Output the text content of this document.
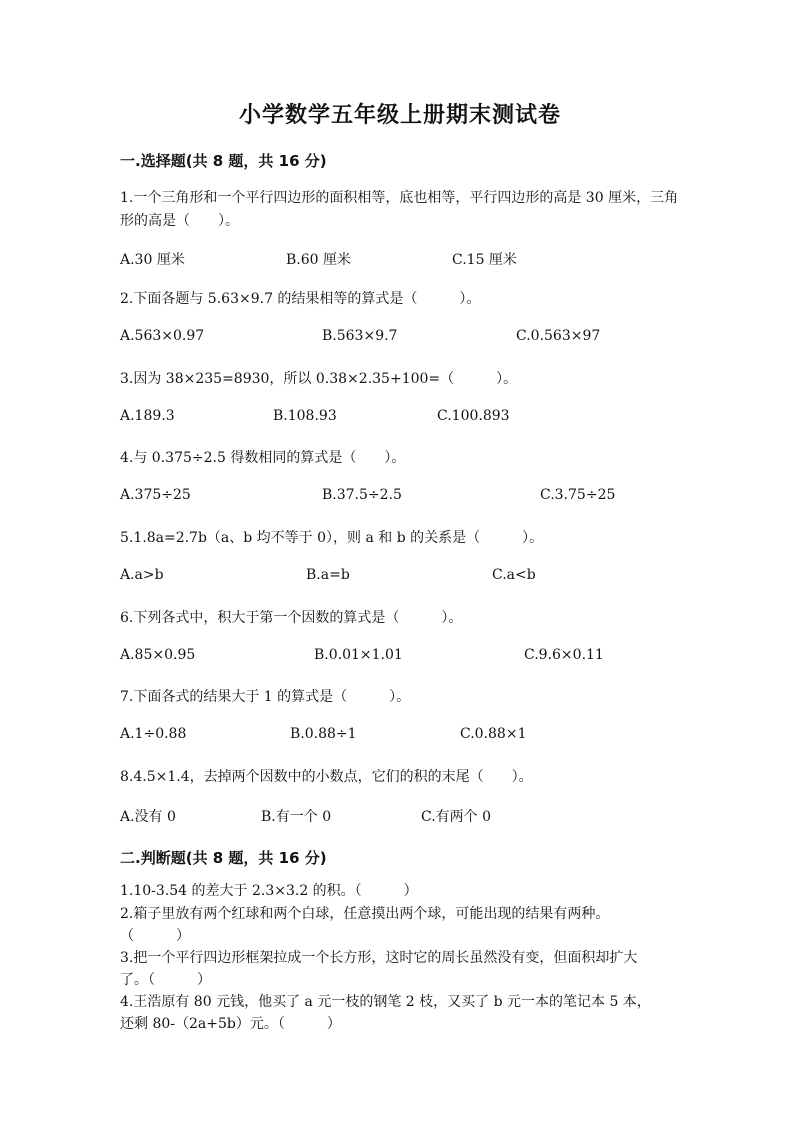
小学数学五年级上册期末测试卷
一.选择题(共 8 题，共 16 分)
1.一个三角形和一个平行四边形的面积相等，底也相等，平行四边形的高是 30 厘米，三角形的高是（　　）。
A.30 厘米	B.60 厘米	C.15 厘米
2.下面各题与 5.63×9.7 的结果相等的算式是（　　　）。
A.563×0.97	B.563×9.7	C.0.563×97
3.因为 38×235=8930，所以 0.38×2.35+100=（　　　）。
A.189.3	B.108.93	C.100.893
4.与 0.375÷2.5 得数相同的算式是（　　）。
A.375÷25	B.37.5÷2.5	C.3.75÷25
5.1.8a=2.7b（a、b 均不等于 0），则 a 和 b 的关系是（　　　）。
A.a>b	B.a=b	C.a<b
6.下列各式中，积大于第一个因数的算式是（　　　）。
A.85×0.95	B.0.01×1.01	C.9.6×0.11
7.下面各式的结果大于 1 的算式是（　　　）。
A.1÷0.88	B.0.88÷1	C.0.88×1
8.4.5×1.4，去掉两个因数中的小数点，它们的积的末尾（　　）。
A.没有 0	B.有一个 0	C.有两个 0
二.判断题(共 8 题，共 16 分)
1.10-3.54 的差大于 2.3×3.2 的积。（　　　）
2.箱子里放有两个红球和两个白球，任意摸出两个球，可能出现的结果有两种。（　　　）
3.把一个平行四边形框架拉成一个长方形，这时它的周长虽然没有变，但面积却扩大了。（　　　）
4.王浩原有 80 元钱，他买了 a 元一枝的钢笔 2 枝，又买了 b 元一本的笔记本 5 本，还剩 80-（2a+5b）元。（　　　）
